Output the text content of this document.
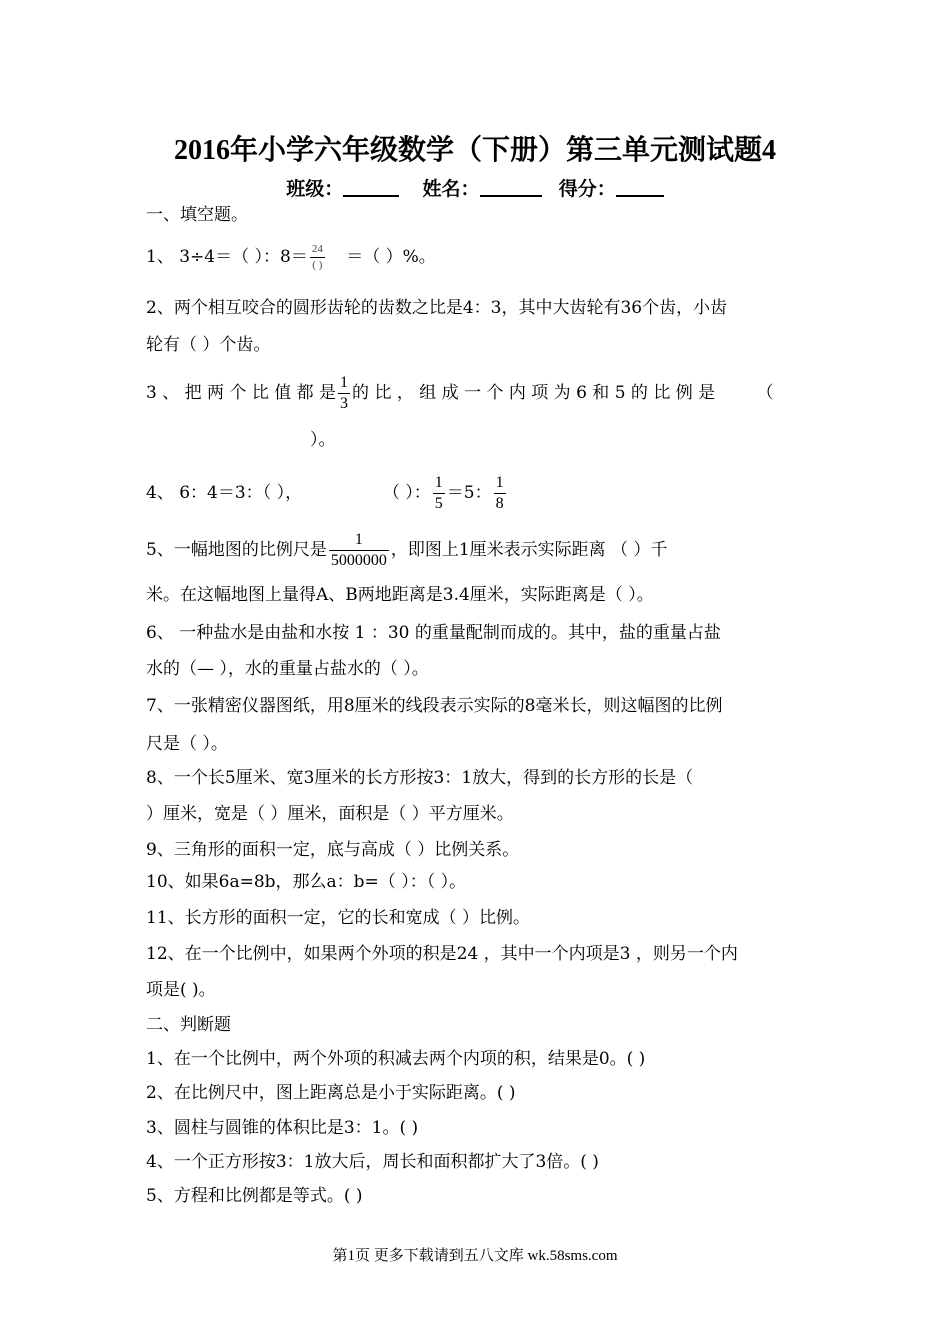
2016年小学六年级数学（下册）第三单元测试题4
班级：	姓名：	得分：
一、填空题。
1、 3÷4＝（ ）：$8= \frac{24}{( )}$ ＝（ ）%。
2、两个相互咬合的圆形齿轮的齿数之比是4：3，其中大齿轮有36个齿，小齿
轮有（ ）个齿。
3 、 把 两 个 比 值 都 是 $\frac{1}{3}$ 的 比 ， 组 成 一 个 内 项 为 6 和 5 的 比 例 是 （
）。
4、 6：4＝3：（ ），	（ ）： $\frac{1}{5} =5$： $\frac{1}{8}$
5、一幅地图的比例尺是 $\frac{1}{5000000}$ ，即图上1厘米表示实际距离 （ ）千
米。在这幅地图上量得A、B两地距离是3.4厘米，实际距离是（ ）。
6、 一种盐水是由盐和水按 1 ：30 的重量配制而成的。其中，盐的重量占盐
水的（— ），水的重量占盐水的（ ）。
7、一张精密仪器图纸，用8厘米的线段表示实际的8毫米长，则这幅图的比例
尺是（ ）。
8、一个长5厘米、宽3厘米的长方形按3：1放大，得到的长方形的长是（
）厘米，宽是（ ）厘米，面积是（ ）平方厘米。
9、三角形的面积一定，底与高成（ ）比例关系。
10、如果6a=8b，那么a：b=（ ）：（ ）。
11、长方形的面积一定，它的长和宽成（ ）比例。
12、在一个比例中，如果两个外项的积是24 ，其中一个内项是3 ，则另一个内
项是( )。
二、判断题
1、在一个比例中，两个外项的积减去两个内项的积，结果是0。( )
2、在比例尺中，图上距离总是小于实际距离。( )
3、圆柱与圆锥的体积比是3：1。( )
4、一个正方形按3：1放大后，周长和面积都扩大了3倍。( )
5、方程和比例都是等式。( )
第1页 更多下载请到五八文库 wk.58sms.com
